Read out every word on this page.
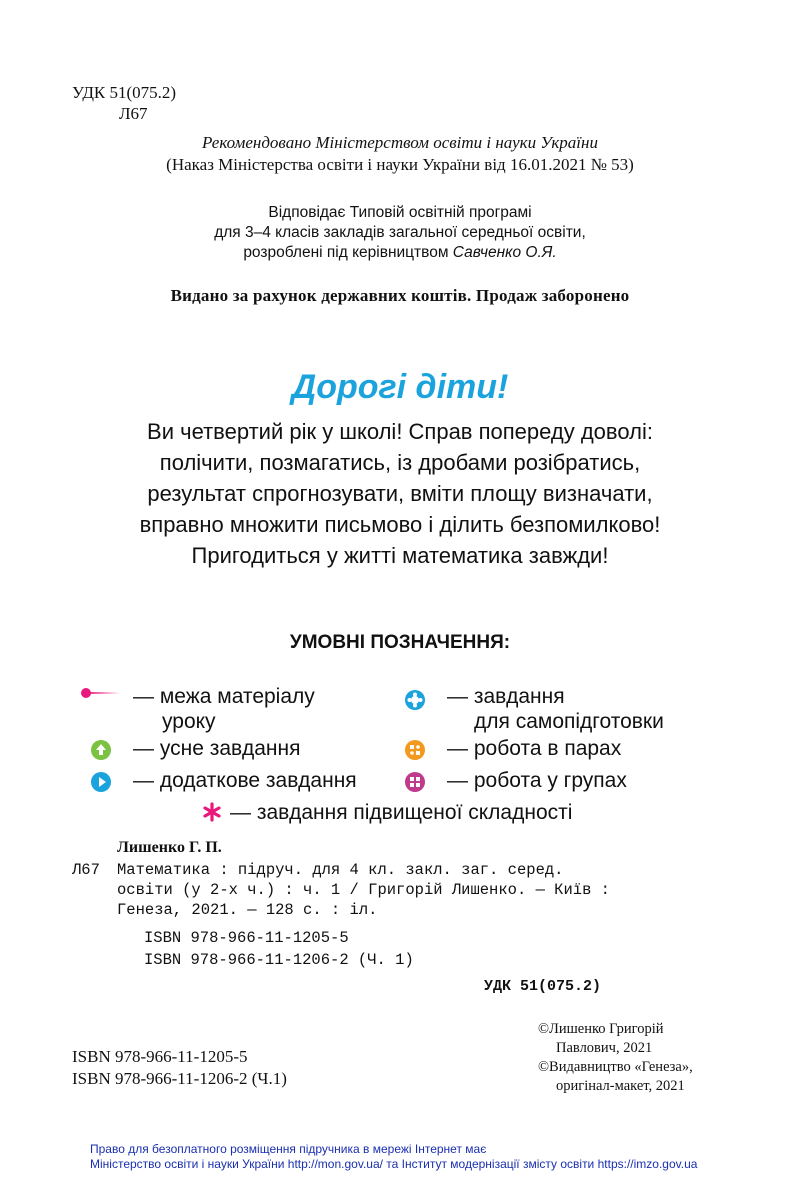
УДК 51(075.2)
Л67
Рекомендовано Міністерством освіти і науки України
(Наказ Міністерства освіти і науки України від 16.01.2021 № 53)
Відповідає Типовій освітній програмі
для 3–4 класів закладів загальної середньої освіти,
розроблені під керівництвом Савченко О.Я.
Видано за рахунок державних коштів. Продаж заборонено
Дорогі діти!
Ви четвертий рік у школі! Справ попереду доволі:
полічити, позмагатись, із дробами розібратись,
результат спрогнозувати, вміти площу визначати,
вправно множити письмово і ділить безпомилково!
Пригодиться у житті математика завжди!
УМОВНІ ПОЗНАЧЕННЯ:
— межа матеріалу
уроку
— завдання
для самопідготовки
— усне завдання	— робота в парах
— додаткове завдання	— робота у групах
— завдання підвищеної складності
Лишенко Г. П.
Л67 Математика : підруч. для 4 кл. закл. заг. серед.
освіти (у 2-х ч.) : ч. 1 / Григорій Лишенко. — Київ :
Генеза, 2021. — 128 с. : іл.
ISBN 978-966-11-1205-5
ISBN 978-966-11-1206-2 (Ч. 1)
УДК 51(075.2)
ISBN 978-966-11-1205-5
ISBN 978-966-11-1206-2 (Ч.1)
©Лишенко Григорій
Павлович, 2021
©Видавництво «Генеза»,
оригінал-макет, 2021
Право для безоплатного розміщення підручника в мережі Інтернет має
Міністерство освіти і науки України http://mon.gov.ua/ та Інститут модернізації змісту освіти https://imzo.gov.ua
